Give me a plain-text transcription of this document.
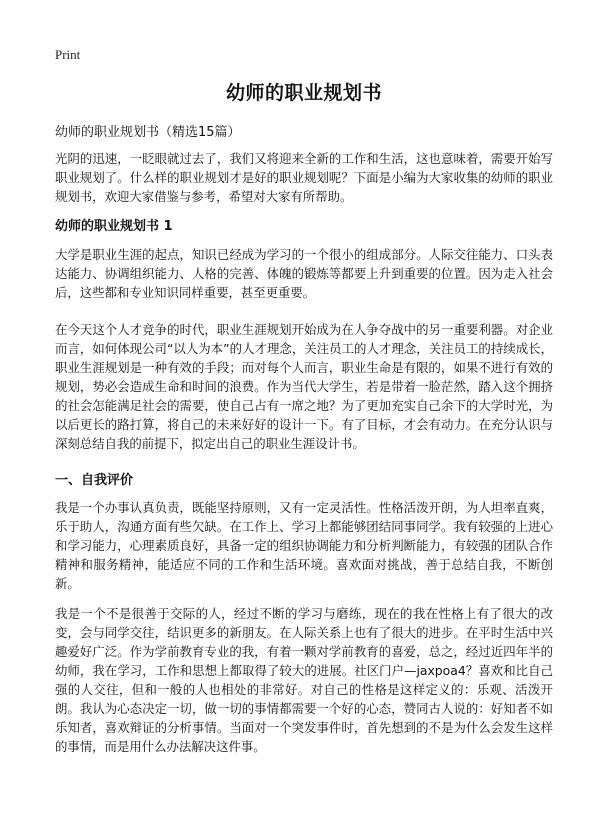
Print
幼师的职业规划书
幼师的职业规划书（精选15篇）

光阴的迅速，一眨眼就过去了，我们又将迎来全新的工作和生活，这也意味着，需要开始写职业规划了。什么样的职业规划才是好的职业规划呢？下面是小编为大家收集的幼师的职业规划书，欢迎大家借鉴与参考，希望对大家有所帮助。

幼师的职业规划书 1

大学是职业生涯的起点，知识已经成为学习的一个很小的组成部分。人际交往能力、口头表达能力、协调组织能力、人格的完善、体魄的锻炼等都要上升到重要的位置。因为走入社会后，这些都和专业知识同样重要，甚至更重要。

在今天这个人才竞争的时代，职业生涯规划开始成为在人争夺战中的另一重要利器。对企业而言，如何体现公司“以人为本”的人才理念，关注员工的人才理念，关注员工的持续成长，职业生涯规划是一种有效的手段；而对每个人而言，职业生命是有限的，如果不进行有效的规划，势必会造成生命和时间的浪费。作为当代大学生，若是带着一脸茫然，踏入这个拥挤的社会怎能满足社会的需要，使自己占有一席之地？为了更加充实自己余下的大学时光，为以后更长的路打算，将自己的未来好好的设计一下。有了目标，才会有动力。在充分认识与深刻总结自我的前提下，拟定出自己的职业生涯设计书。

一、自我评价

我是一个办事认真负责，既能坚持原则，又有一定灵活性。性格活泼开朗，为人坦率直爽，乐于助人，沟通方面有些欠缺。在工作上、学习上都能够团结同事同学。我有较强的上进心和学习能力，心理素质良好，具备一定的组织协调能力和分析判断能力，有较强的团队合作精神和服务精神，能适应不同的工作和生活环境。喜欢面对挑战，善于总结自我，不断创新。

我是一个不是很善于交际的人，经过不断的学习与磨练，现在的我在性格上有了很大的改变，会与同学交往，结识更多的新朋友。在人际关系上也有了很大的进步。在平时生活中兴趣爱好广泛。作为学前教育专业的我，有着一颗对学前教育的喜爱，总之，经过近四年半的幼师，我在学习，工作和思想上都取得了较大的进展。社区门户—jaxpoa4？喜欢和比自己强的人交往，但和一般的人也相处的非常好。对自己的性格是这样定义的：乐观、活泼开朗。我认为心态决定一切，做一切的事情都需要一个好的心态，赞同古人说的：好知者不如乐知者，喜欢辩证的分析事情。当面对一个突发事件时，首先想到的不是为什么会发生这样的事情，而是用什么办法解决这件事。
